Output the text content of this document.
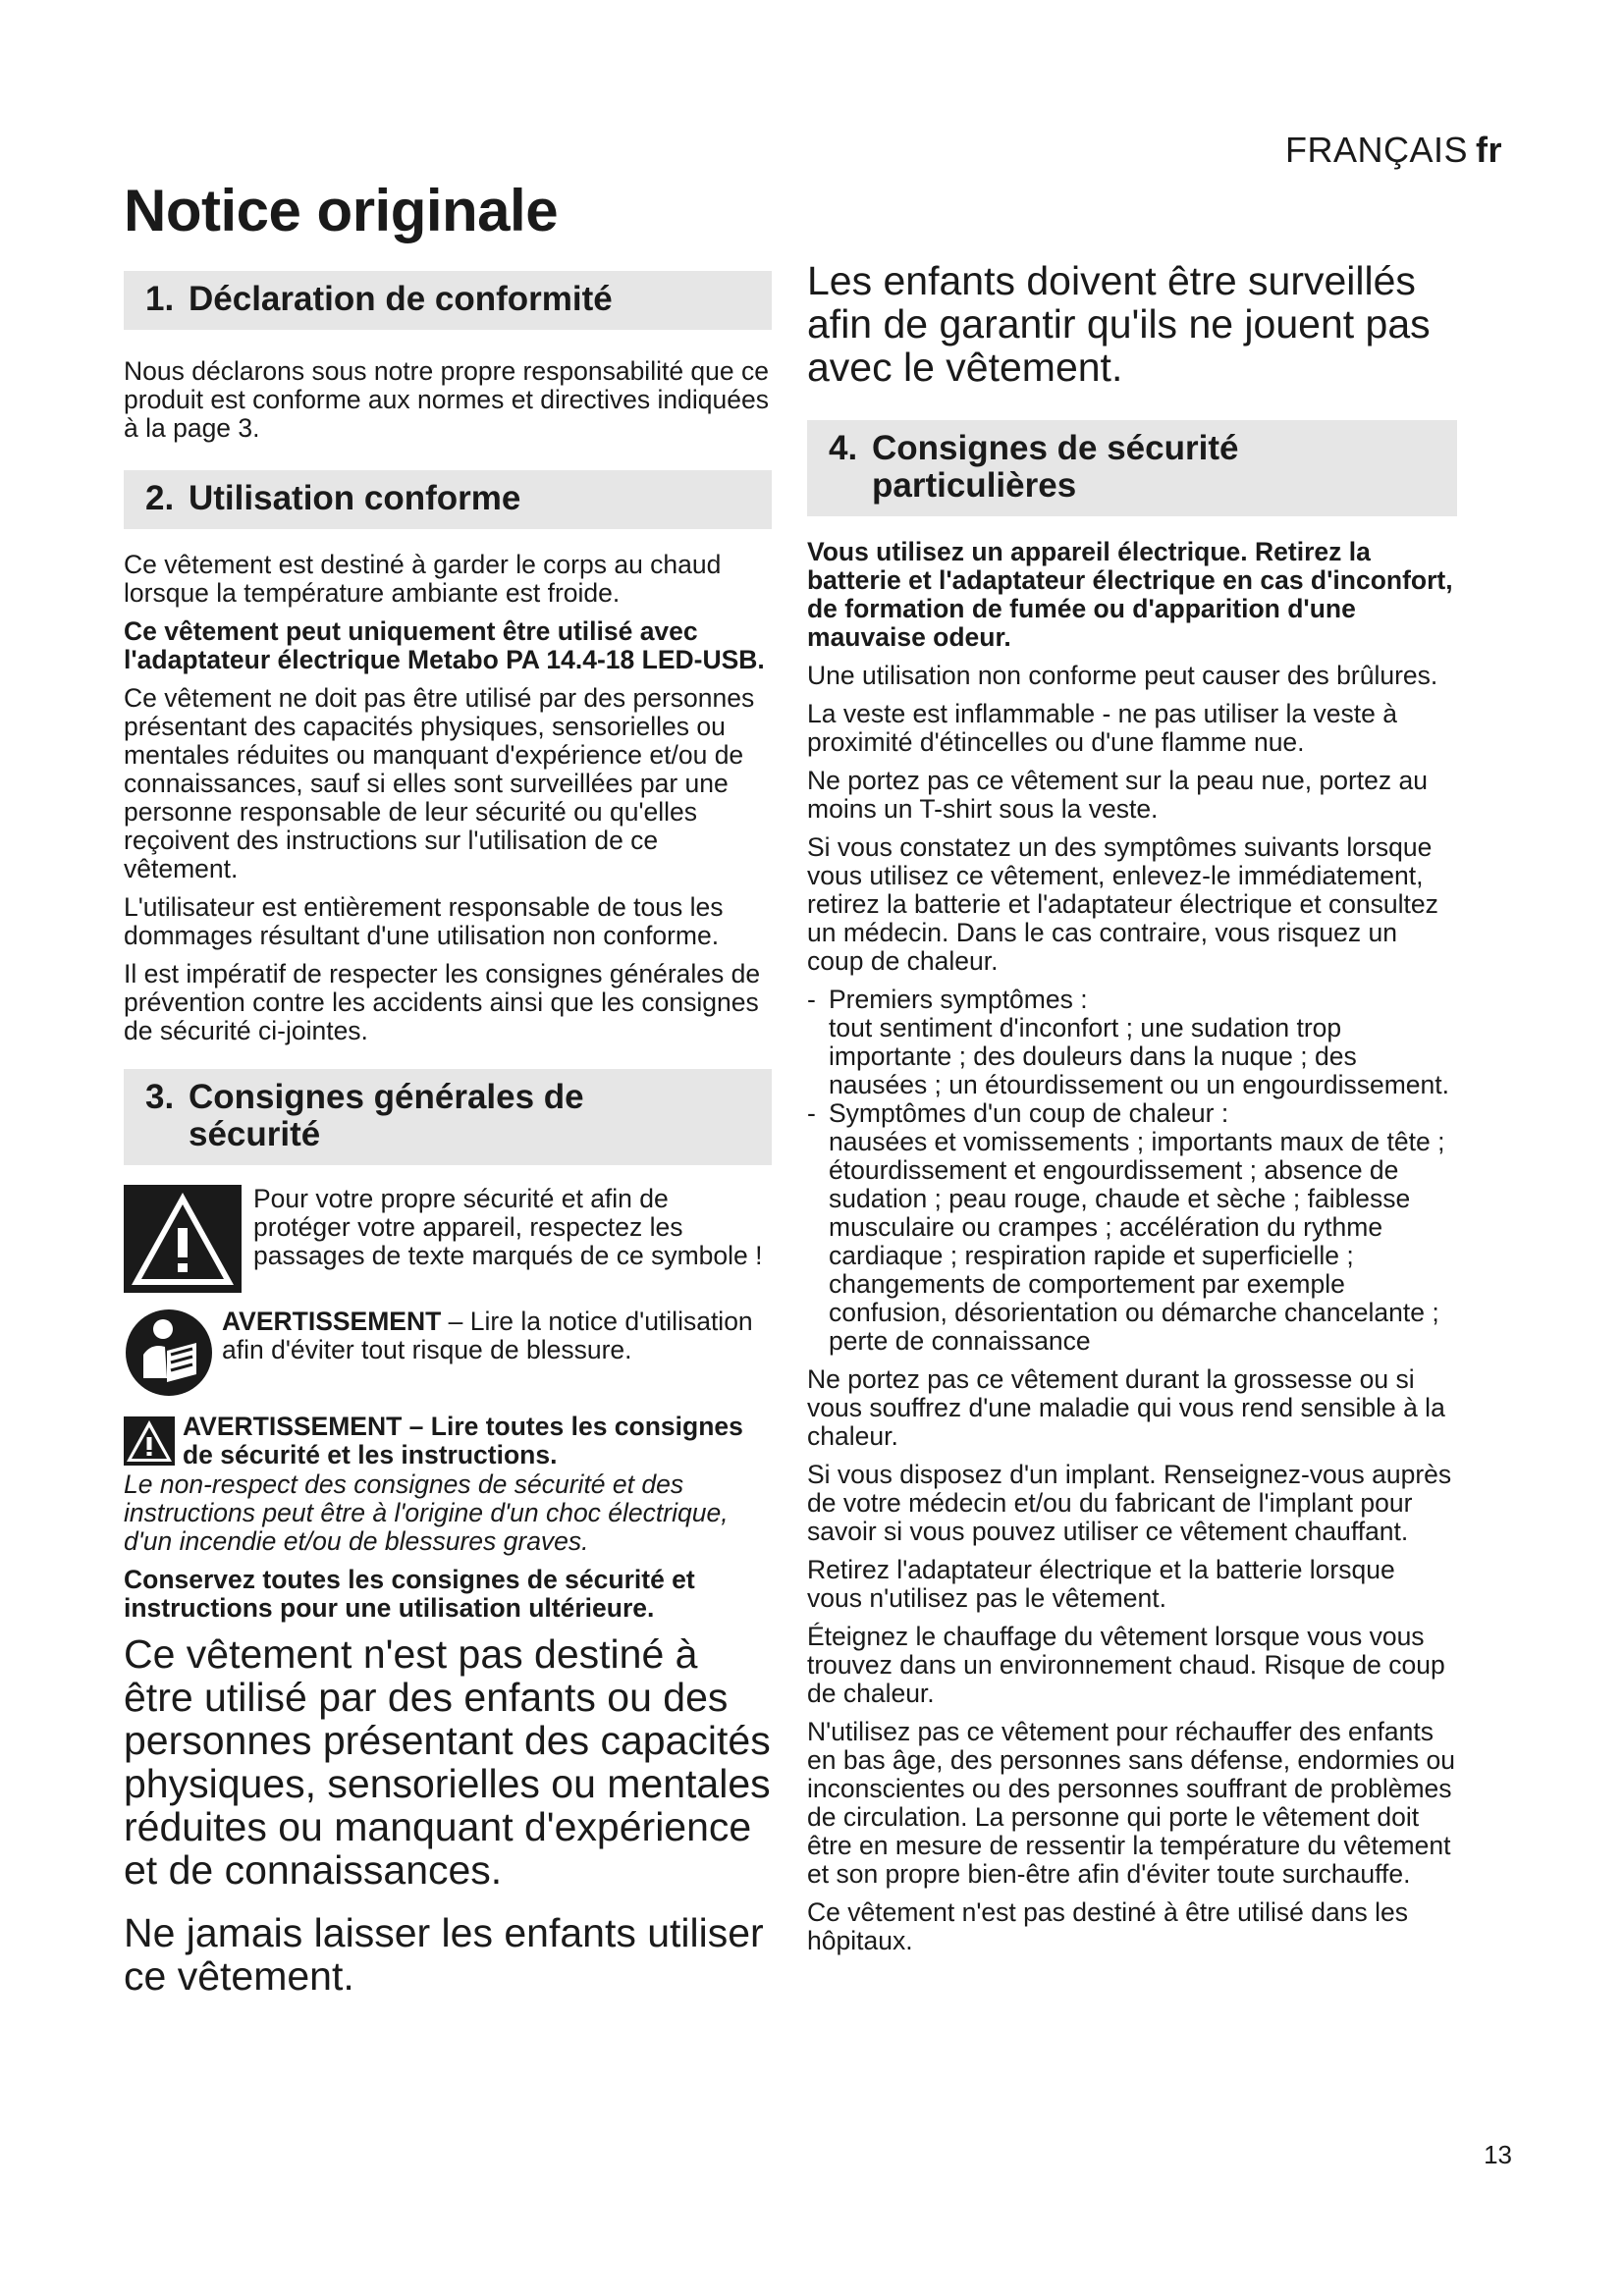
FRANÇAIS fr
Notice originale
1. Déclaration de conformité

Nous déclarons sous notre propre responsabilité que ce produit est conforme aux normes et directives indiquées à la page 3.

2. Utilisation conforme

Ce vêtement est destiné à garder le corps au chaud lorsque la température ambiante est froide.

Ce vêtement peut uniquement être utilisé avec l'adaptateur électrique Metabo PA 14.4-18 LED-USB.

Ce vêtement ne doit pas être utilisé par des personnes présentant des capacités physiques, sensorielles ou mentales réduites ou manquant d'expérience et/ou de connaissances, sauf si elles sont surveillées par une personne responsable de leur sécurité ou qu'elles reçoivent des instructions sur l'utilisation de ce vêtement.

L'utilisateur est entièrement responsable de tous les dommages résultant d'une utilisation non conforme.

Il est impératif de respecter les consignes générales de prévention contre les accidents ainsi que les consignes de sécurité ci-jointes.

3. Consignes générales de
sécurité

Pour votre propre sécurité et afin de protéger votre appareil, respectez les passages de texte marqués de ce symbole !

AVERTISSEMENT – Lire la notice d'utilisation afin d'éviter tout risque de blessure.

AVERTISSEMENT – Lire toutes les consignes de sécurité et les instructions.

Le non-respect des consignes de sécurité et des instructions peut être à l'origine d'un choc électrique, d'un incendie et/ou de blessures graves.

Conservez toutes les consignes de sécurité et instructions pour une utilisation ultérieure.

Ce vêtement n'est pas destiné à être utilisé par des enfants ou des personnes présentant des capacités physiques, sensorielles ou mentales réduites ou manquant d'expérience et de connaissances.

Ne jamais laisser les enfants utiliser ce vêtement.

Les enfants doivent être surveillés afin de garantir qu'ils ne jouent pas avec le vêtement.

4. Consignes de sécurité
particulières

Vous utilisez un appareil électrique. Retirez la batterie et l'adaptateur électrique en cas d'inconfort, de formation de fumée ou d'apparition d'une mauvaise odeur.

Une utilisation non conforme peut causer des brûlures.

La veste est inflammable - ne pas utiliser la veste à proximité d'étincelles ou d'une flamme nue.

Ne portez pas ce vêtement sur la peau nue, portez au moins un T-shirt sous la veste.

Si vous constatez un des symptômes suivants lorsque vous utilisez ce vêtement, enlevez-le immédiatement, retirez la batterie et l'adaptateur électrique et consultez un médecin. Dans le cas contraire, vous risquez un coup de chaleur.

- Premiers symptômes :
tout sentiment d'inconfort ; une sudation trop importante ; des douleurs dans la nuque ; des nausées ; un étourdissement ou un engourdissement.
- Symptômes d'un coup de chaleur :
nausées et vomissements ; importants maux de tête ; étourdissement et engourdissement ; absence de sudation ; peau rouge, chaude et sèche ; faiblesse musculaire ou crampes ; accélération du rythme cardiaque ; respiration rapide et superficielle ; changements de comportement par exemple confusion, désorientation ou démarche chancelante ; perte de connaissance

Ne portez pas ce vêtement durant la grossesse ou si vous souffrez d'une maladie qui vous rend sensible à la chaleur.

Si vous disposez d'un implant. Renseignez-vous auprès de votre médecin et/ou du fabricant de l'implant pour savoir si vous pouvez utiliser ce vêtement chauffant.

Retirez l'adaptateur électrique et la batterie lorsque vous n'utilisez pas le vêtement.

Éteignez le chauffage du vêtement lorsque vous vous trouvez dans un environnement chaud. Risque de coup de chaleur.

N'utilisez pas ce vêtement pour réchauffer des enfants en bas âge, des personnes sans défense, endormies ou inconscientes ou des personnes souffrant de problèmes de circulation. La personne qui porte le vêtement doit être en mesure de ressentir la température du vêtement et son propre bien-être afin d'éviter toute surchauffe.

Ce vêtement n'est pas destiné à être utilisé dans les hôpitaux.

13
